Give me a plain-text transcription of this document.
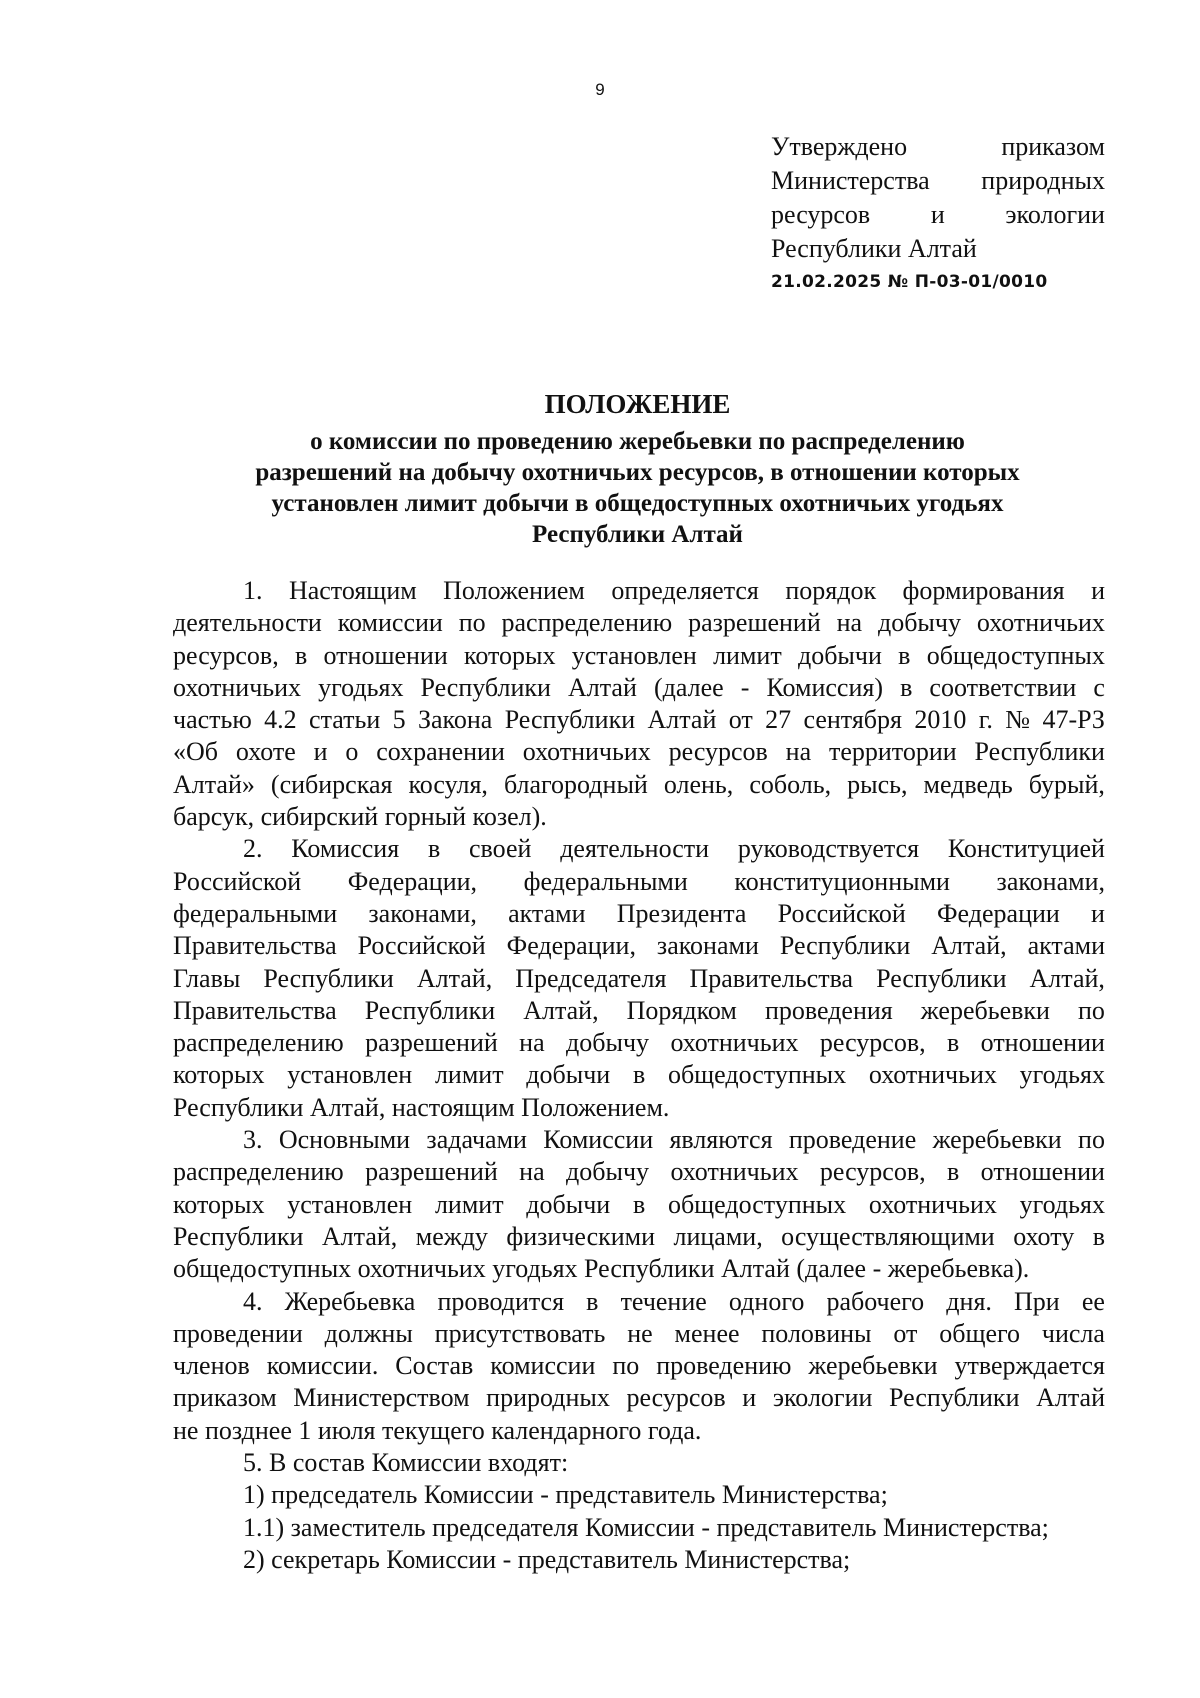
9
Утверждено	приказом
Министерства природных
ресурсов и экологии
Республики Алтай
21.02.2025 № П-03-01/0010
ПОЛОЖЕНИЕ
о комиссии по проведению жеребьевки по распределению
разрешений на добычу охотничьих ресурсов, в отношении которых
установлен лимит добычи в общедоступных охотничьих угодьях
Республики Алтай
1. Настоящим Положением определяется порядок формирования и
деятельности комиссии по распределению разрешений на добычу охотничьих
ресурсов, в отношении которых установлен лимит добычи в общедоступных
охотничьих угодьях Республики Алтай (далее - Комиссия) в соответствии с
частью 4.2 статьи 5 Закона Республики Алтай от 27 сентября 2010 г. № 47-РЗ
«Об охоте и о сохранении охотничьих ресурсов на территории Республики
Алтай» (сибирская косуля, благородный олень, соболь, рысь, медведь бурый,
барсук, сибирский горный козел).
2. Комиссия в своей деятельности руководствуется Конституцией
Российской Федерации, федеральными конституционными законами,
федеральными законами, актами Президента Российской Федерации и
Правительства Российской Федерации, законами Республики Алтай, актами
Главы Республики Алтай, Председателя Правительства Республики Алтай,
Правительства Республики Алтай, Порядком проведения жеребьевки по
распределению разрешений на добычу охотничьих ресурсов, в отношении
которых установлен лимит добычи в общедоступных охотничьих угодьях
Республики Алтай, настоящим Положением.
3. Основными задачами Комиссии являются проведение жеребьевки по
распределению разрешений на добычу охотничьих ресурсов, в отношении
которых установлен лимит добычи в общедоступных охотничьих угодьях
Республики Алтай, между физическими лицами, осуществляющими охоту в
общедоступных охотничьих угодьях Республики Алтай (далее - жеребьевка).
4. Жеребьевка проводится в течение одного рабочего дня. При ее
проведении должны присутствовать не менее половины от общего числа
членов комиссии. Состав комиссии по проведению жеребьевки утверждается
приказом Министерством природных ресурсов и экологии Республики Алтай
не позднее 1 июля текущего календарного года.
5. В состав Комиссии входят:
1) председатель Комиссии - представитель Министерства;
1.1) заместитель председателя Комиссии - представитель Министерства;
2) секретарь Комиссии - представитель Министерства;
